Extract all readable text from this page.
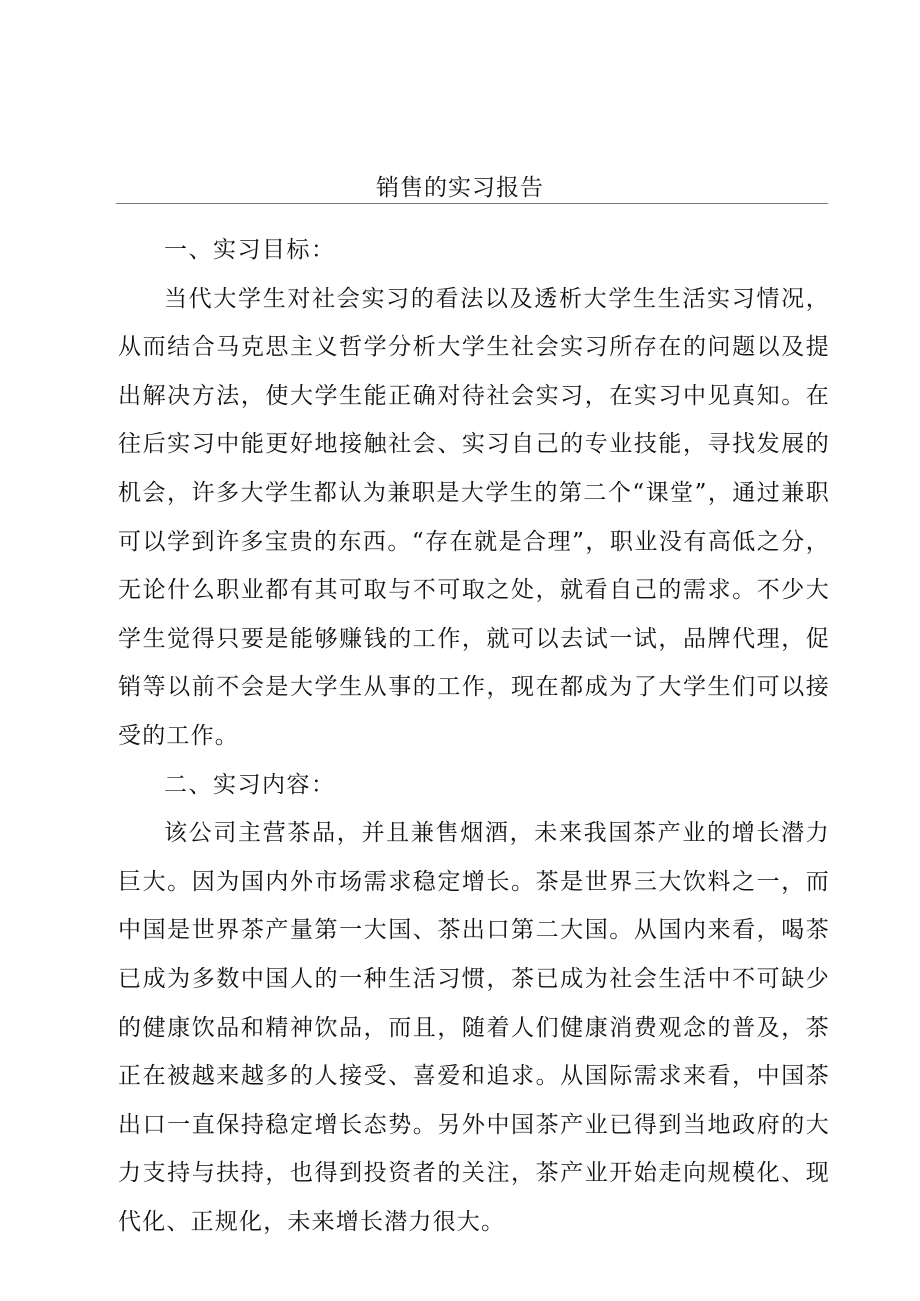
销售的实习报告

一、实习目标：

当代大学生对社会实习的看法以及透析大学生生活实习情况，从而结合马克思主义哲学分析大学生社会实习所存在的问题以及提出解决方法，使大学生能正确对待社会实习，在实习中见真知。在往后实习中能更好地接触社会、实习自己的专业技能，寻找发展的机会，许多大学生都认为兼职是大学生的第二个“课堂”，通过兼职可以学到许多宝贵的东西。“存在就是合理”，职业没有高低之分，无论什么职业都有其可取与不可取之处，就看自己的需求。不少大学生觉得只要是能够赚钱的工作，就可以去试一试，品牌代理，促销等以前不会是大学生从事的工作，现在都成为了大学生们可以接受的工作。

二、实习内容：

该公司主营茶品，并且兼售烟酒，未来我国茶产业的增长潜力巨大。因为国内外市场需求稳定增长。茶是世界三大饮料之一，而中国是世界茶产量第一大国、茶出口第二大国。从国内来看，喝茶已成为多数中国人的一种生活习惯，茶已成为社会生活中不可缺少的健康饮品和精神饮品，而且，随着人们健康消费观念的普及，茶正在被越来越多的人接受、喜爱和追求。从国际需求来看，中国茶出口一直保持稳定增长态势。另外中国茶产业已得到当地政府的大力支持与扶持，也得到投资者的关注，茶产业开始走向规模化、现代化、正规化，未来增长潜力很大。
